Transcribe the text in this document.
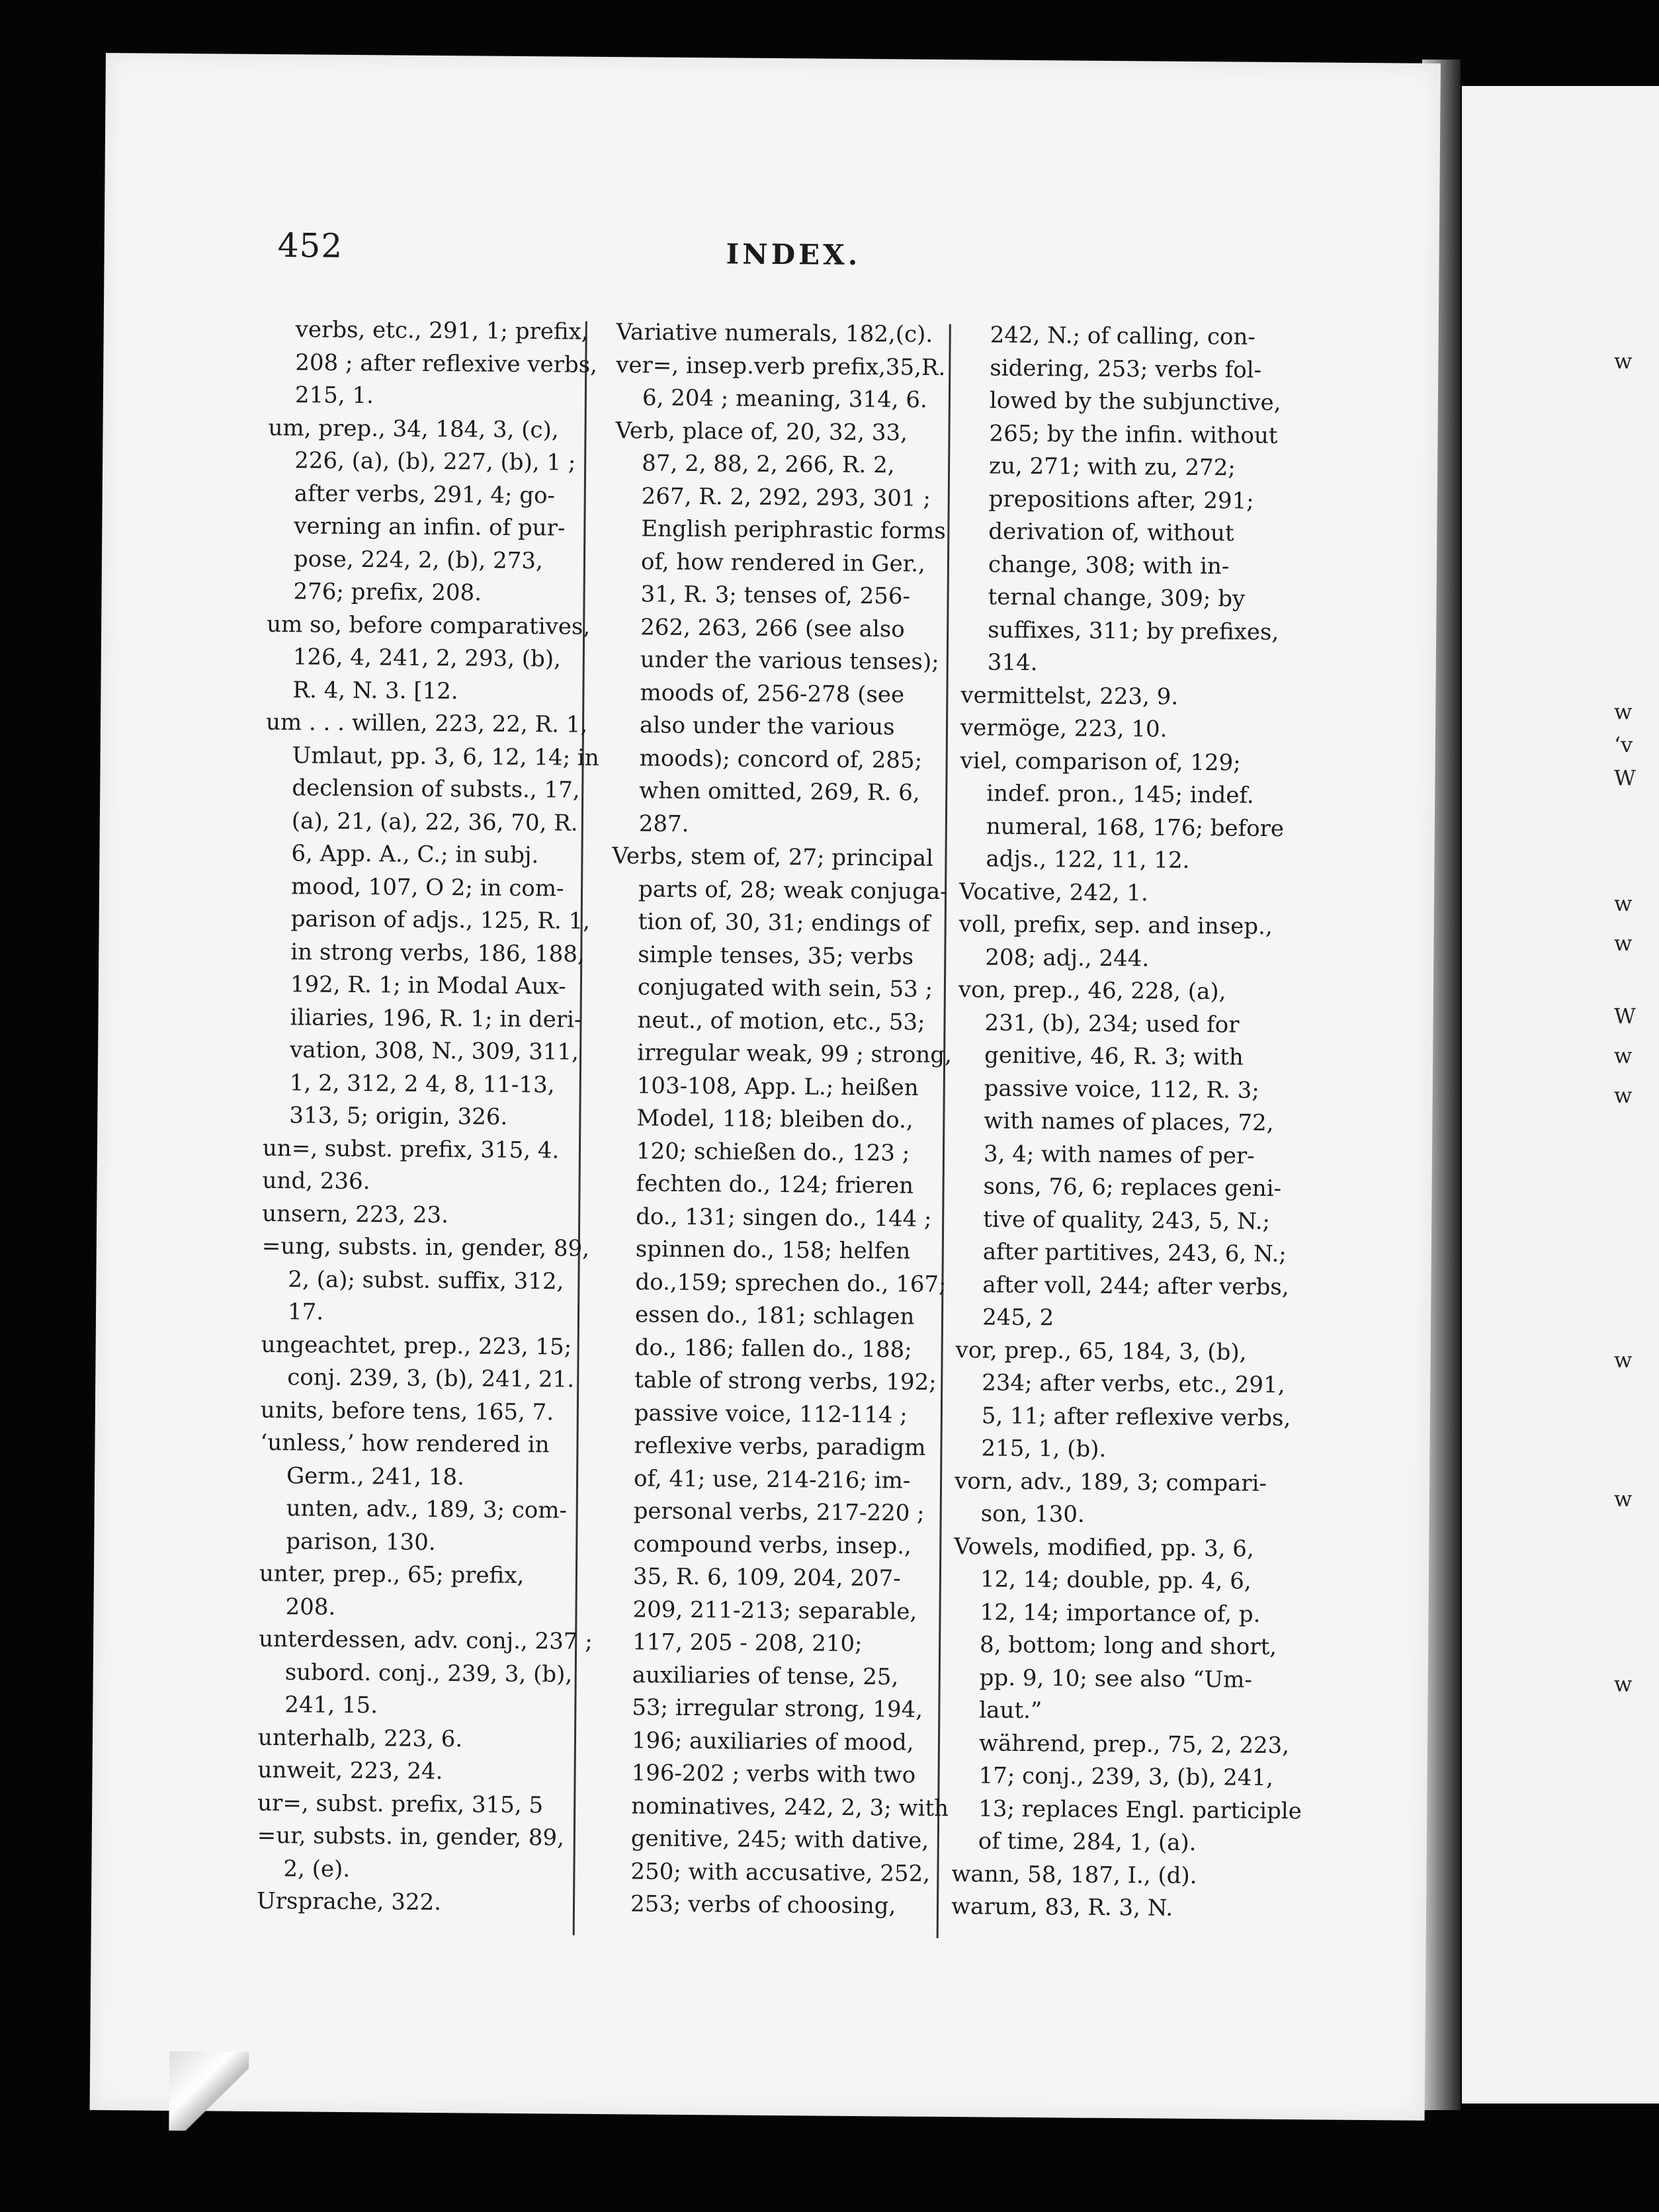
452	INDEX.
verbs, etc., 291, 1; prefix,
208 ; after reflexive verbs,
215, 1.
um, prep., 34, 184, 3, (c),
226, (a), (b), 227, (b), 1 ;
after verbs, 291, 4; go-
verning an infin. of pur-
pose, 224, 2, (b), 273,
276; prefix, 208.
um so, before comparatives,
126, 4, 241, 2, 293, (b),
R. 4, N. 3. [12.
um . . . willen, 223, 22, R. 1,
Umlaut, pp. 3, 6, 12, 14; in
declension of substs., 17,
(a), 21, (a), 22, 36, 70, R.
6, App. A., C.; in subj.
mood, 107, O 2; in com-
parison of adjs., 125, R. 1,
in strong verbs, 186, 188,
192, R. 1; in Modal Aux-
iliaries, 196, R. 1; in deri-
vation, 308, N., 309, 311,
1, 2, 312, 2 4, 8, 11-13,
313, 5; origin, 326.
un=, subst. prefix, 315, 4.
und, 236.
unsern, 223, 23.
=ung, substs. in, gender, 89,
2, (a); subst. suffix, 312,
17.
ungeachtet, prep., 223, 15;
conj. 239, 3, (b), 241, 21.
units, before tens, 165, 7.
‘unless,’ how rendered in
Germ., 241, 18.
unten, adv., 189, 3; com-
parison, 130.
unter, prep., 65; prefix,
208.
unterdessen, adv. conj., 237 ;
subord. conj., 239, 3, (b),
241, 15.
unterhalb, 223, 6.
unweit, 223, 24.
ur=, subst. prefix, 315, 5
=ur, substs. in, gender, 89,
2, (e).
Ursprache, 322.
Variative numerals, 182,(c).
ver=, insep.verb prefix,35,R.
6, 204 ; meaning, 314, 6.
Verb, place of, 20, 32, 33,
87, 2, 88, 2, 266, R. 2,
267, R. 2, 292, 293, 301 ;
English periphrastic forms
of, how rendered in Ger.,
31, R. 3; tenses of, 256-
262, 263, 266 (see also
under the various tenses);
moods of, 256-278 (see
also under the various
moods); concord of, 285;
when omitted, 269, R. 6,
287.
Verbs, stem of, 27; principal
parts of, 28; weak conjuga-
tion of, 30, 31; endings of
simple tenses, 35; verbs
conjugated with sein, 53 ;
neut., of motion, etc., 53;
irregular weak, 99 ; strong,
103-108, App. L.; heißen
Model, 118; bleiben do.,
120; schießen do., 123 ;
fechten do., 124; frieren
do., 131; singen do., 144 ;
spinnen do., 158; helfen
do.,159; sprechen do., 167;
essen do., 181; schlagen
do., 186; fallen do., 188;
table of strong verbs, 192;
passive voice, 112-114 ;
reflexive verbs, paradigm
of, 41; use, 214-216; im-
personal verbs, 217-220 ;
compound verbs, insep.,
35, R. 6, 109, 204, 207-
209, 211-213; separable,
117, 205 - 208, 210;
auxiliaries of tense, 25,
53; irregular strong, 194,
196; auxiliaries of mood,
196-202 ; verbs with two
nominatives, 242, 2, 3; with
genitive, 245; with dative,
250; with accusative, 252,
253; verbs of choosing,
242, N.; of calling, con-
sidering, 253; verbs fol-
lowed by the subjunctive,
265; by the infin. without
zu, 271; with zu, 272;
prepositions after, 291;
derivation of, without
change, 308; with in-
ternal change, 309; by
suffixes, 311; by prefixes,
314.
vermittelst, 223, 9.
vermöge, 223, 10.
viel, comparison of, 129;
indef. pron., 145; indef.
numeral, 168, 176; before
adjs., 122, 11, 12.
Vocative, 242, 1.
voll, prefix, sep. and insep.,
208; adj., 244.
von, prep., 46, 228, (a),
231, (b), 234; used for
genitive, 46, R. 3; with
passive voice, 112, R. 3;
with names of places, 72,
3, 4; with names of per-
sons, 76, 6; replaces geni-
tive of quality, 243, 5, N.;
after partitives, 243, 6, N.;
after voll, 244; after verbs,
245, 2
vor, prep., 65, 184, 3, (b),
234; after verbs, etc., 291,
5, 11; after reflexive verbs,
215, 1, (b).
vorn, adv., 189, 3; compari-
son, 130.
Vowels, modified, pp. 3, 6,
12, 14; double, pp. 4, 6,
12, 14; importance of, p.
8, bottom; long and short,
pp. 9, 10; see also “Um-
laut.”
während, prep., 75, 2, 223,
17; conj., 239, 3, (b), 241,
13; replaces Engl. participle
of time, 284, 1, (a).
wann, 58, 187, I., (d).
warum, 83, R. 3, N.
w
w
‘v
W
w
w
W
w
w
w
w
w
